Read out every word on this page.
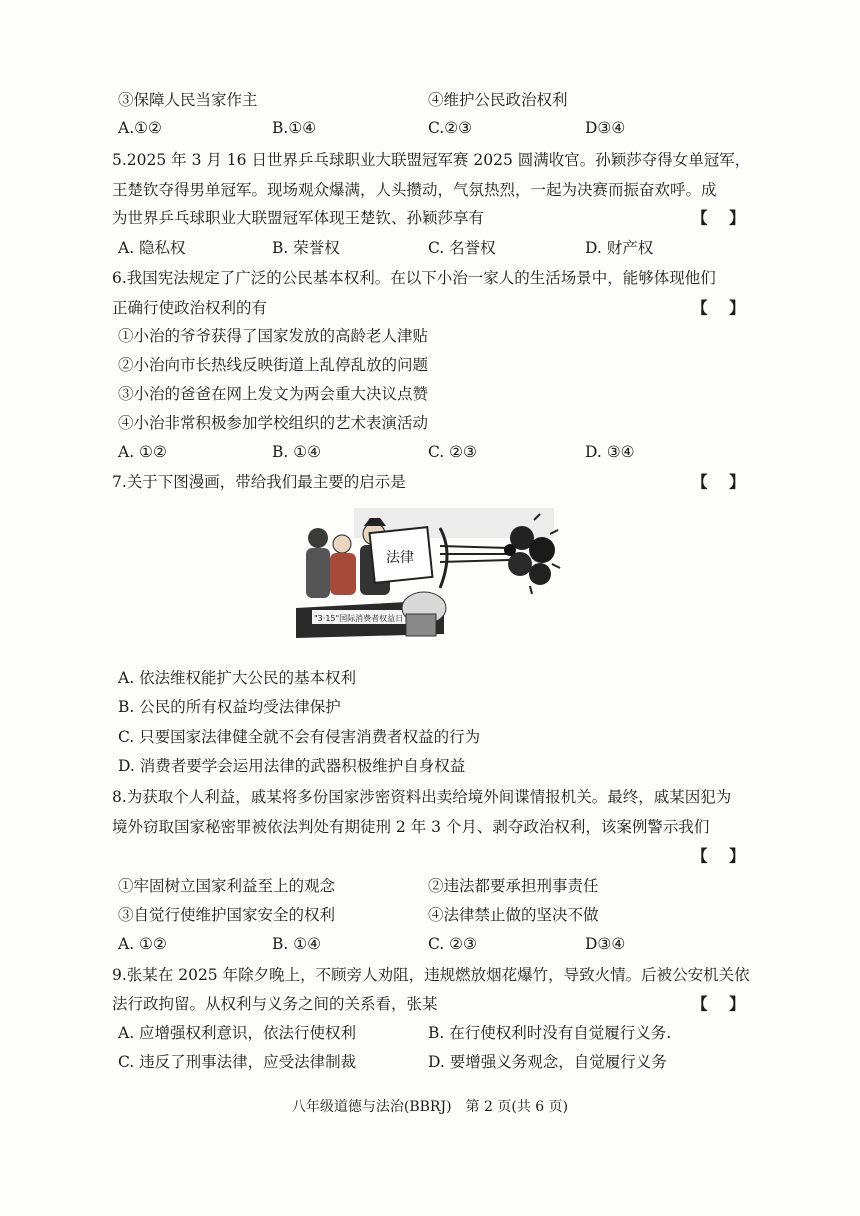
③保障人民当家作主	④维护公民政治权利
A.①②	B.①④	C.②③	D③④
5.2025 年 3 月 16 日世界乒乓球职业大联盟冠军赛 2025 圆满收官。孙颖莎夺得女单冠军，
王楚钦夺得男单冠军。现场观众爆满，人头攒动，气氛热烈，一起为决赛而振奋欢呼。成
为世界乒乓球职业大联盟冠军体现王楚钦、孙颖莎享有	【    】
A. 隐私权	B. 荣誉权	C. 名誉权	D. 财产权
6.我国宪法规定了广泛的公民基本权利。在以下小治一家人的生活场景中，能够体现他们
正确行使政治权利的有	【    】
①小治的爷爷获得了国家发放的高龄老人津贴
②小治向市长热线反映街道上乱停乱放的问题
③小治的爸爸在网上发文为两会重大决议点赞
④小治非常积极参加学校组织的艺术表演活动
A. ①②	B. ①④	C. ②③	D. ③④
7.关于下图漫画，带给我们最主要的启示是	【    】
"3·15"国际消费者权益日
法律
A. 依法维权能扩大公民的基本权利
B. 公民的所有权益均受法律保护
C. 只要国家法律健全就不会有侵害消费者权益的行为
D. 消费者要学会运用法律的武器积极维护自身权益
8.为获取个人利益，戚某将多份国家涉密资料出卖给境外间谍情报机关。最终，戚某因犯为
境外窃取国家秘密罪被依法判处有期徒刑 2 年 3 个月、剥夺政治权利，该案例警示我们
【    】
①牢固树立国家利益至上的观念	②违法都要承担刑事责任
③自觉行使维护国家安全的权利	④法律禁止做的坚决不做
A. ①②	B. ①④	C. ②③	D③④
9.张某在 2025 年除夕晚上，不顾旁人劝阻，违规燃放烟花爆竹，导致火情。后被公安机关依
法行政拘留。从权利与义务之间的关系看，张某	【    】
A. 应增强权利意识，依法行使权利	B. 在行使权利时没有自觉履行义务.
C. 违反了刑事法律，应受法律制裁	D. 要增强义务观念，自觉履行义务
八年级道德与法治(BBRJ)　第 2 页(共 6 页)
